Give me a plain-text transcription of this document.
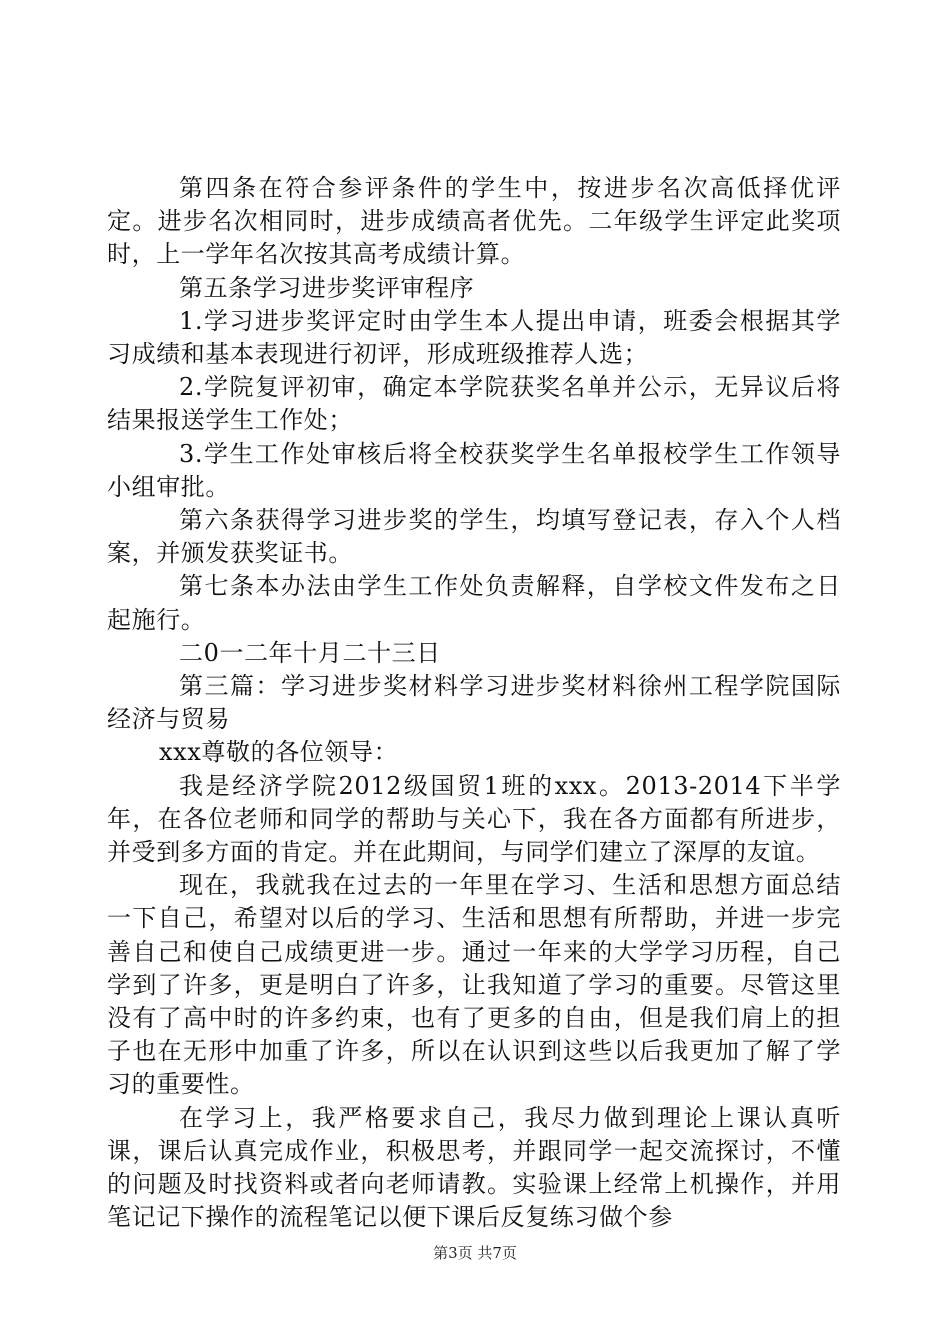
第四条在符合参评条件的学生中，按进步名次高低择优评定。进步名次相同时，进步成绩高者优先。二年级学生评定此奖项时，上一学年名次按其高考成绩计算。

第五条学习进步奖评审程序

1.学习进步奖评定时由学生本人提出申请，班委会根据其学习成绩和基本表现进行初评，形成班级推荐人选；

2.学院复评初审，确定本学院获奖名单并公示，无异议后将结果报送学生工作处；

3.学生工作处审核后将全校获奖学生名单报校学生工作领导小组审批。

第六条获得学习进步奖的学生，均填写登记表，存入个人档案，并颁发获奖证书。

第七条本办法由学生工作处负责解释，自学校文件发布之日起施行。

二0一二年十月二十三日

第三篇：学习进步奖材料学习进步奖材料徐州工程学院国际经济与贸易

xxx尊敬的各位领导：

我是经济学院2012级国贸1班的xxx。2013-2014下半学年，在各位老师和同学的帮助与关心下，我在各方面都有所进步，并受到多方面的肯定。并在此期间，与同学们建立了深厚的友谊。

现在，我就我在过去的一年里在学习、生活和思想方面总结一下自己，希望对以后的学习、生活和思想有所帮助，并进一步完善自己和使自己成绩更进一步。通过一年来的大学学习历程，自己学到了许多，更是明白了许多，让我知道了学习的重要。尽管这里没有了高中时的许多约束，也有了更多的自由，但是我们肩上的担子也在无形中加重了许多，所以在认识到这些以后我更加了解了学习的重要性。

在学习上，我严格要求自己，我尽力做到理论上课认真听课，课后认真完成作业，积极思考，并跟同学一起交流探讨，不懂的问题及时找资料或者向老师请教。实验课上经常上机操作，并用笔记记下操作的流程笔记以便下课后反复练习做个参

第3页 共7页
